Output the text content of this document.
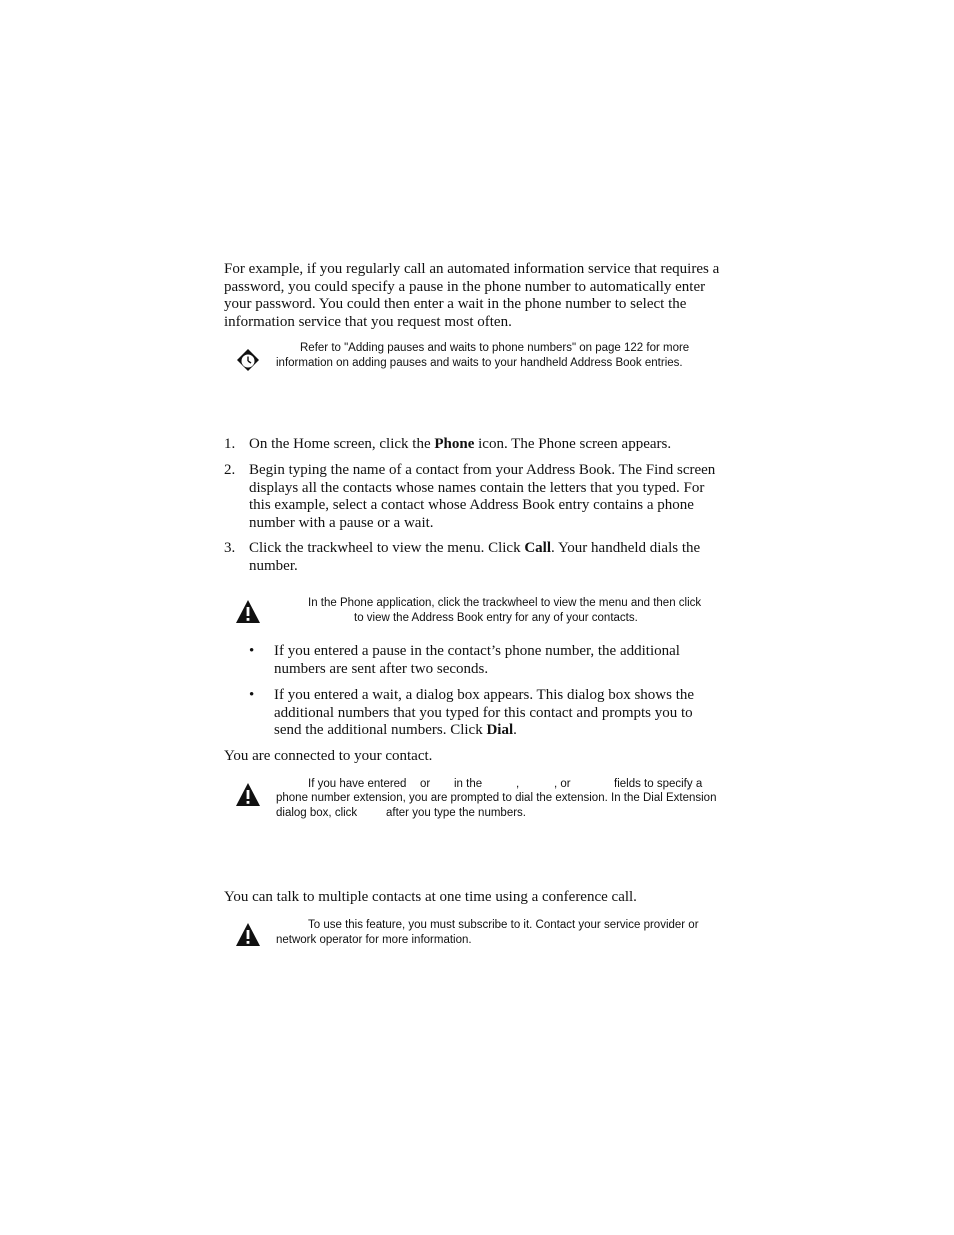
For example, if you regularly call an automated information service that requires a password, you could specify a pause in the phone number to automatically enter your password. You could then enter a wait in the phone number to select the information service that you request most often.
Refer to "Adding pauses and waits to phone numbers" on page 122 for more
information on adding pauses and waits to your handheld Address Book entries.
1. On the Home screen, click the Phone icon. The Phone screen appears.
2. Begin typing the name of a contact from your Address Book. The Find screen displays all the contacts whose names contain the letters that you typed. For this example, select a contact whose Address Book entry contains a phone number with a pause or a wait.
3. Click the trackwheel to view the menu. Click Call. Your handheld dials the number.
In the Phone application, click the trackwheel to view the menu and then click
to view the Address Book entry for any of your contacts.
• If you entered a pause in the contact’s phone number, the additional numbers are sent after two seconds.
• If you entered a wait, a dialog box appears. This dialog box shows the additional numbers that you typed for this contact and prompts you to send the additional numbers. Click Dial.
You are connected to your contact.
If you have entered or in the	,	, or	fields to specify a
phone number extension, you are prompted to dial the extension. In the Dial Extension
dialog box, click	after you type the numbers.
You can talk to multiple contacts at one time using a conference call.
To use this feature, you must subscribe to it. Contact your service provider or
network operator for more information.
